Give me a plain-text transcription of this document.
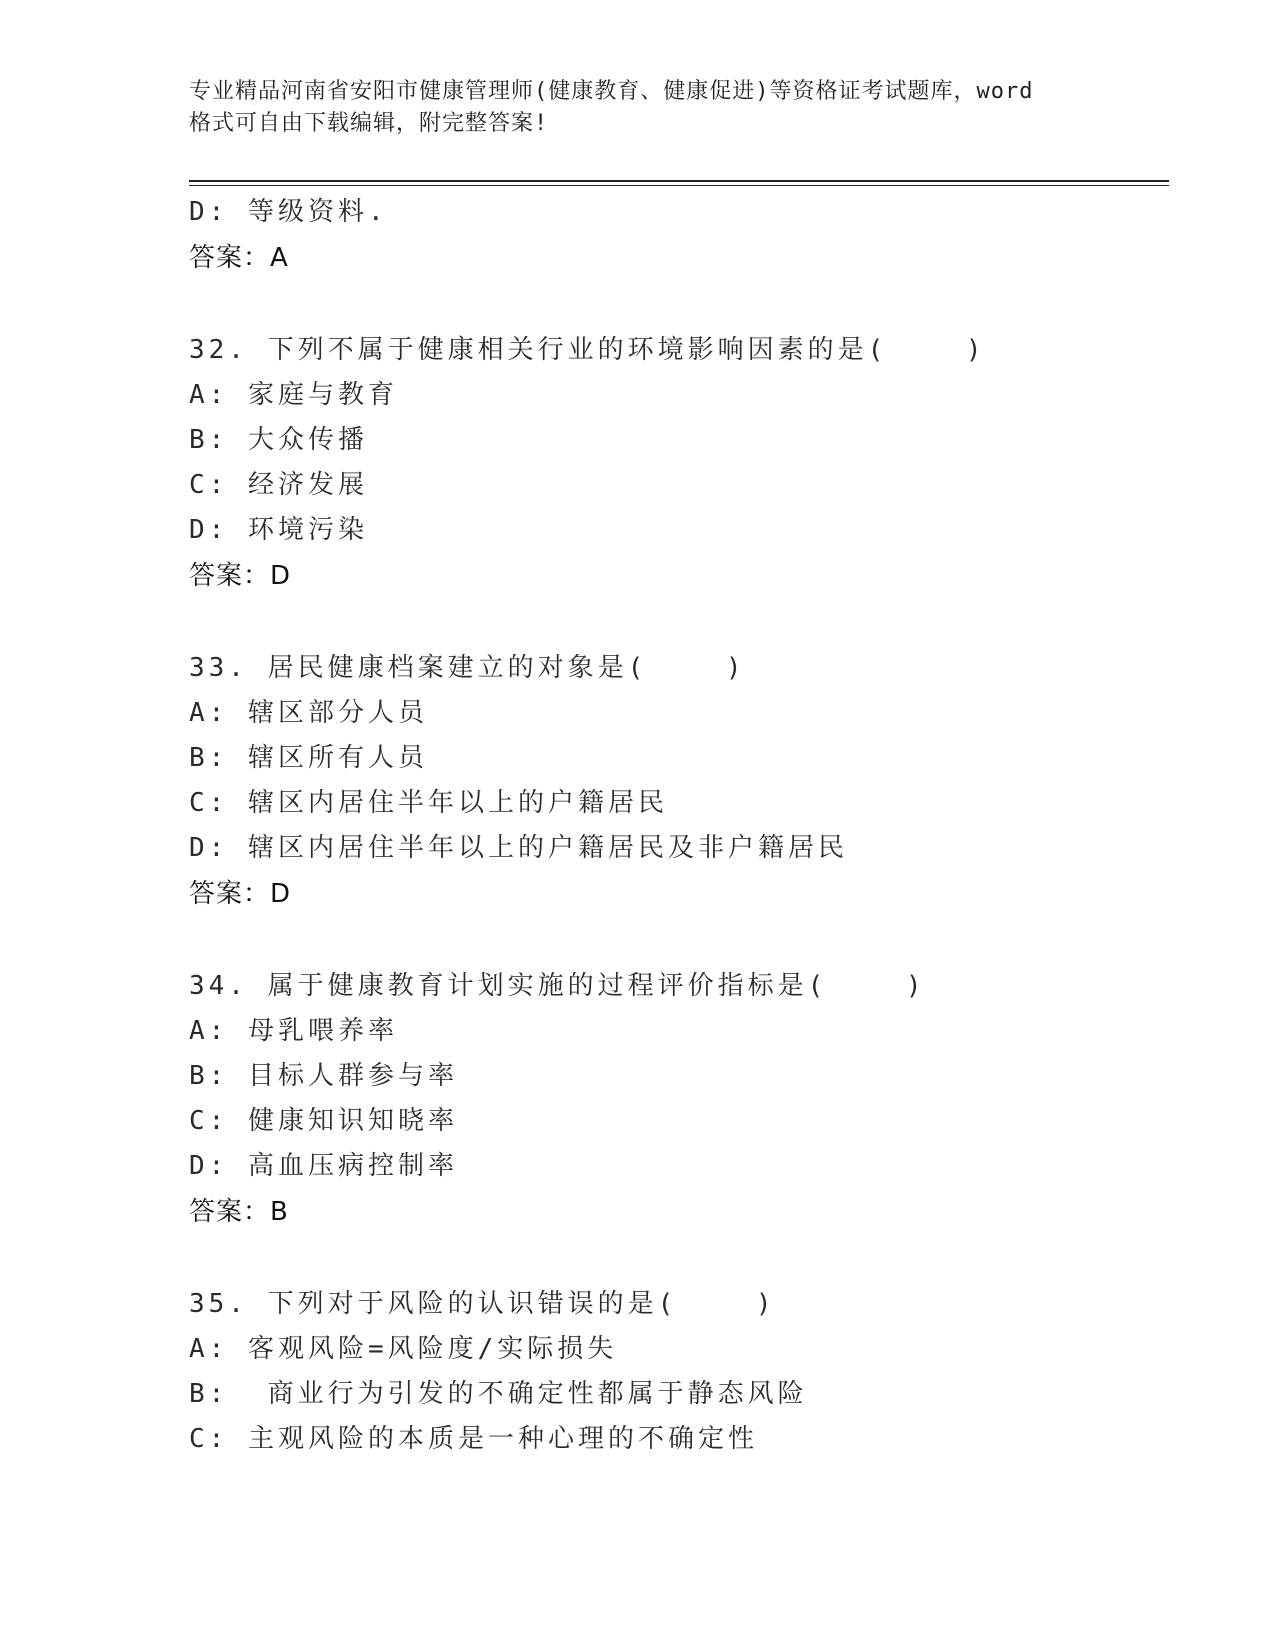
专业精品河南省安阳市健康管理师(健康教育、健康促进)等资格证考试题库，word
格式可自由下载编辑，附完整答案!
D: 等级资料.
答案：A
32. 下列不属于健康相关行业的环境影响因素的是(    )
A: 家庭与教育
B: 大众传播
C: 经济发展
D: 环境污染
答案：D
33. 居民健康档案建立的对象是(    )
A: 辖区部分人员
B: 辖区所有人员
C: 辖区内居住半年以上的户籍居民
D: 辖区内居住半年以上的户籍居民及非户籍居民
答案：D
34. 属于健康教育计划实施的过程评价指标是(    )
A: 母乳喂养率
B: 目标人群参与率
C: 健康知识知晓率
D: 高血压病控制率
答案：B
35. 下列对于风险的认识错误的是(    )
A: 客观风险=风险度/实际损失
B:  商业行为引发的不确定性都属于静态风险
C: 主观风险的本质是一种心理的不确定性
